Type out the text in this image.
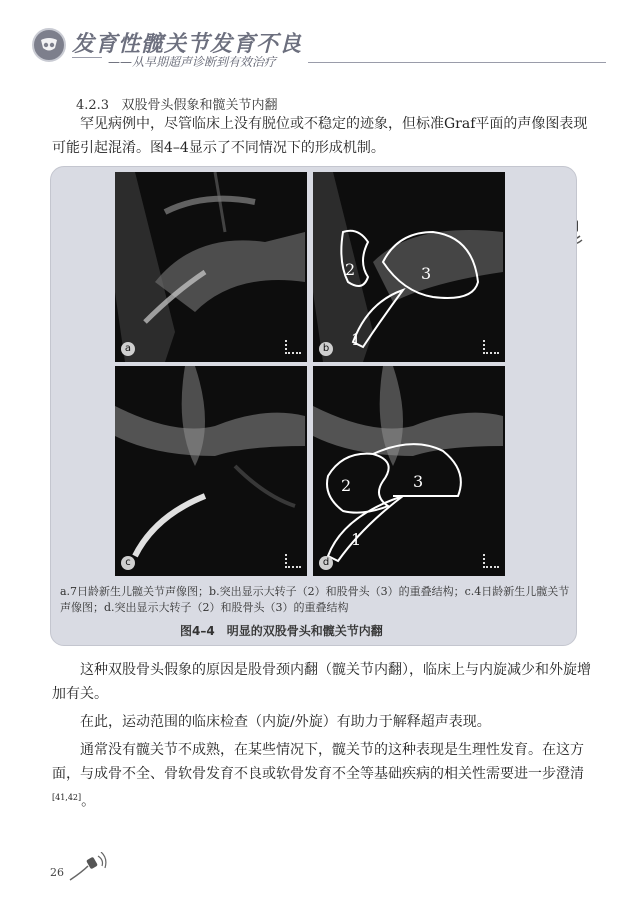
发育性髋关节发育不良
——从早期超声诊断到有效治疗
4.2.3 双股骨头假象和髋关节内翻
罕见病例中，尽管临床上没有脱位或不稳定的迹象，但标准Graf平面的声像图表现可能引起混淆。图4–4显示了不同情况下的形成机制。
a
2	3
1
b
c
2	3
1
d
a.7日龄新生儿髋关节声像图；b.突出显示大转子（2）和股骨头（3）的重叠结构；c.4日龄新生儿髋关节声像图；d.突出显示大转子（2）和股骨头（3）的重叠结构
图4–4　明显的双股骨头和髋关节内翻
这种双股骨头假象的原因是股骨颈内翻（髋关节内翻），临床上与内旋减少和外旋增加有关。
在此，运动范围的临床检查（内旋/外旋）有助力于解释超声表现。
通常没有髋关节不成熟，在某些情况下，髋关节的这种表现是生理性发育。在这方面，与成骨不全、骨软骨发育不良或软骨发育不全等基础疾病的相关性需要进一步澄清[41,42]。
26
